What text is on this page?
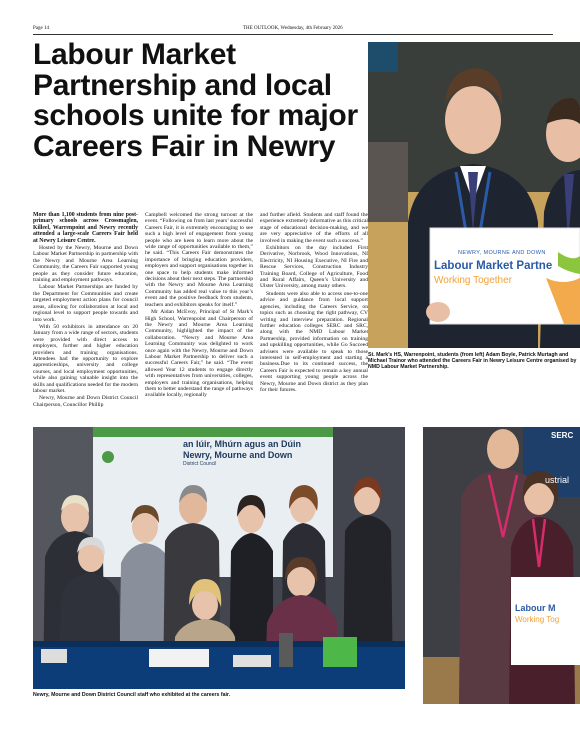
Page 14	THE OUTLOOK, Wednesday, 4th February 2026
Labour Market Partnership and local schools unite for major Careers Fair in Newry

More than 1,100 students from nine post-primary schools across Crossmaglen, Killeel, Warrenpoint and Newry recently attended a large-scale Careers Fair held at Newry Leisure Centre.

Hosted by the Newry, Mourne and Down Labour Market Partnership in partnership with the Newry and Mourne Area Learning Community, the Careers Fair supported young people as they consider future education, training and employment pathways.

Labour Market Partnerships are funded by the Department for Communities and create targeted employment action plans for council areas, allowing for collaboration at local and regional level to support people towards and into work.

With 50 exhibitors in attendance on 20 January from a wide range of sectors, students were provided with direct access to employers, further and higher education providers and training organisations. Attendees had the opportunity to explore apprenticeships, university and college courses, and local employment opportunities, while also gaining valuable insight into the skills and qualifications needed for the modern labour market.

Newry, Mourne and Down District Council Chairperson, Councillor Phillip

Campbell welcomed the strong turnout at the event. “Following on from last years’ successful Careers Fair, it is extremely encouraging to see such a high level of engagement from young people who are keen to learn more about the wide range of opportunities available to them,” he said. “This Careers Fair demonstrates the importance of bringing education providers, employers and support organisations together in one space to help students make informed decisions about their next steps. The partnership with the Newry and Mourne Area Learning Community has added real value to this year’s event and the positive feedback from students, teachers and exhibitors speaks for itself.”

Mr Aidan McEvoy, Principal of St Mark’s High School, Warrenpoint and Chairperson of the Newry and Mourne Area Learning Community, highlighted the impact of the collaboration. “Newry and Mourne Area Learning Community was delighted to work once again with the Newry, Mourne and Down Labour Market Partnership to deliver such a successful Careers Fair,” he said. “The event allowed Year 12 students to engage directly with representatives from universities, colleges, employers and training organisations, helping them to better understand the range of pathways available locally, regionally

and further afield. Students and staff found the experience extremely informative as this critical stage of educational decision-making, and we are very appreciative of the efforts of all involved in making the event such a success.”

Exhibitors on the day included First Derivative, Norbrook, Wood Innovations, NI Electricity, NI Housing Executive, NI Fire and Rescue Services, Construction Industry Training Board, College of Agriculture, Food and Rural Affairs, Queen’s University and Ulster University, among many others.

Students were also able to access one-to-one advice and guidance from local support agencies, including the Careers Service, on topics such as choosing the right pathway, CV writing and interview preparation. Regional further education colleges SERC and SRC, along with the NMD Labour Market Partnership, provided information on training and upskilling opportunities, while Go Succeed advisers were available to speak to those interested in self-employment and starting a business.Due to its continued success, the Careers Fair is expected to remain a key annual event supporting young people across the Newry, Mourne and Down district as they plan for their futures.

NEWRY, MOURNE AND DOWN
Labour Market Partne
Working Together
St. Mark’s HS, Warrenpoint, students (from left) Adam Boyle, Patrick Murtagh and Michael Trainor who attended the Careers Fair in Newry Leisure Centre organised by NMD Labour Market Partnership.
an Iúir, Mhúrn agus an Dúin
Newry, Mourne and Down
District Council
Newry, Mourne and Down District Council staff who exhibited at the careers fair.
SERC
ustrial
Labour M
Working Tog
